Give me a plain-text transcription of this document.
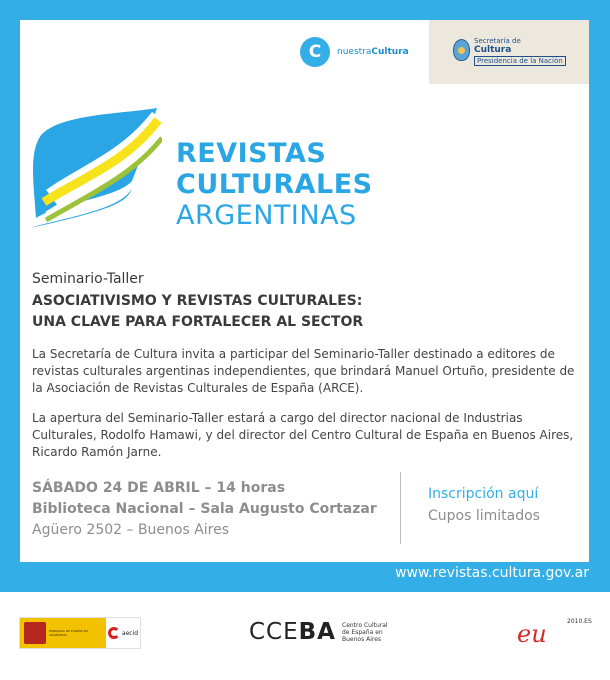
C	nuestraCultura
Secretaría de
Cultura
Presidencia de la Nación
REVISTAS
CULTURALES
ARGENTINAS
Seminario-Taller
ASOCIATIVISMO Y REVISTAS CULTURALES:
UNA CLAVE PARA FORTALECER AL SECTOR
La Secretaría de Cultura invita a participar del Seminario-Taller destinado a editores de revistas culturales argentinas independientes, que brindará Manuel Ortuño, presidente de la Asociación de Revistas Culturales de España (ARCE).
La apertura del Seminario-Taller estará a cargo del director nacional de Industrias Culturales, Rodolfo Hamawi, y del director del Centro Cultural de España en Buenos Aires, Ricardo Ramón Jarne.
SÁBADO 24 DE ABRIL – 14 horas
Biblioteca Nacional – Sala Augusto Cortazar
Agüero 2502 – Buenos Aires
Inscripción aquí
Cupos limitados
www.revistas.cultura.gov.ar
EMBAJADA DE ESPAÑA EN ARGENTINA	aecid	CCEBA Centro Cultural de España en Buenos Aires	eu	2010.ES
